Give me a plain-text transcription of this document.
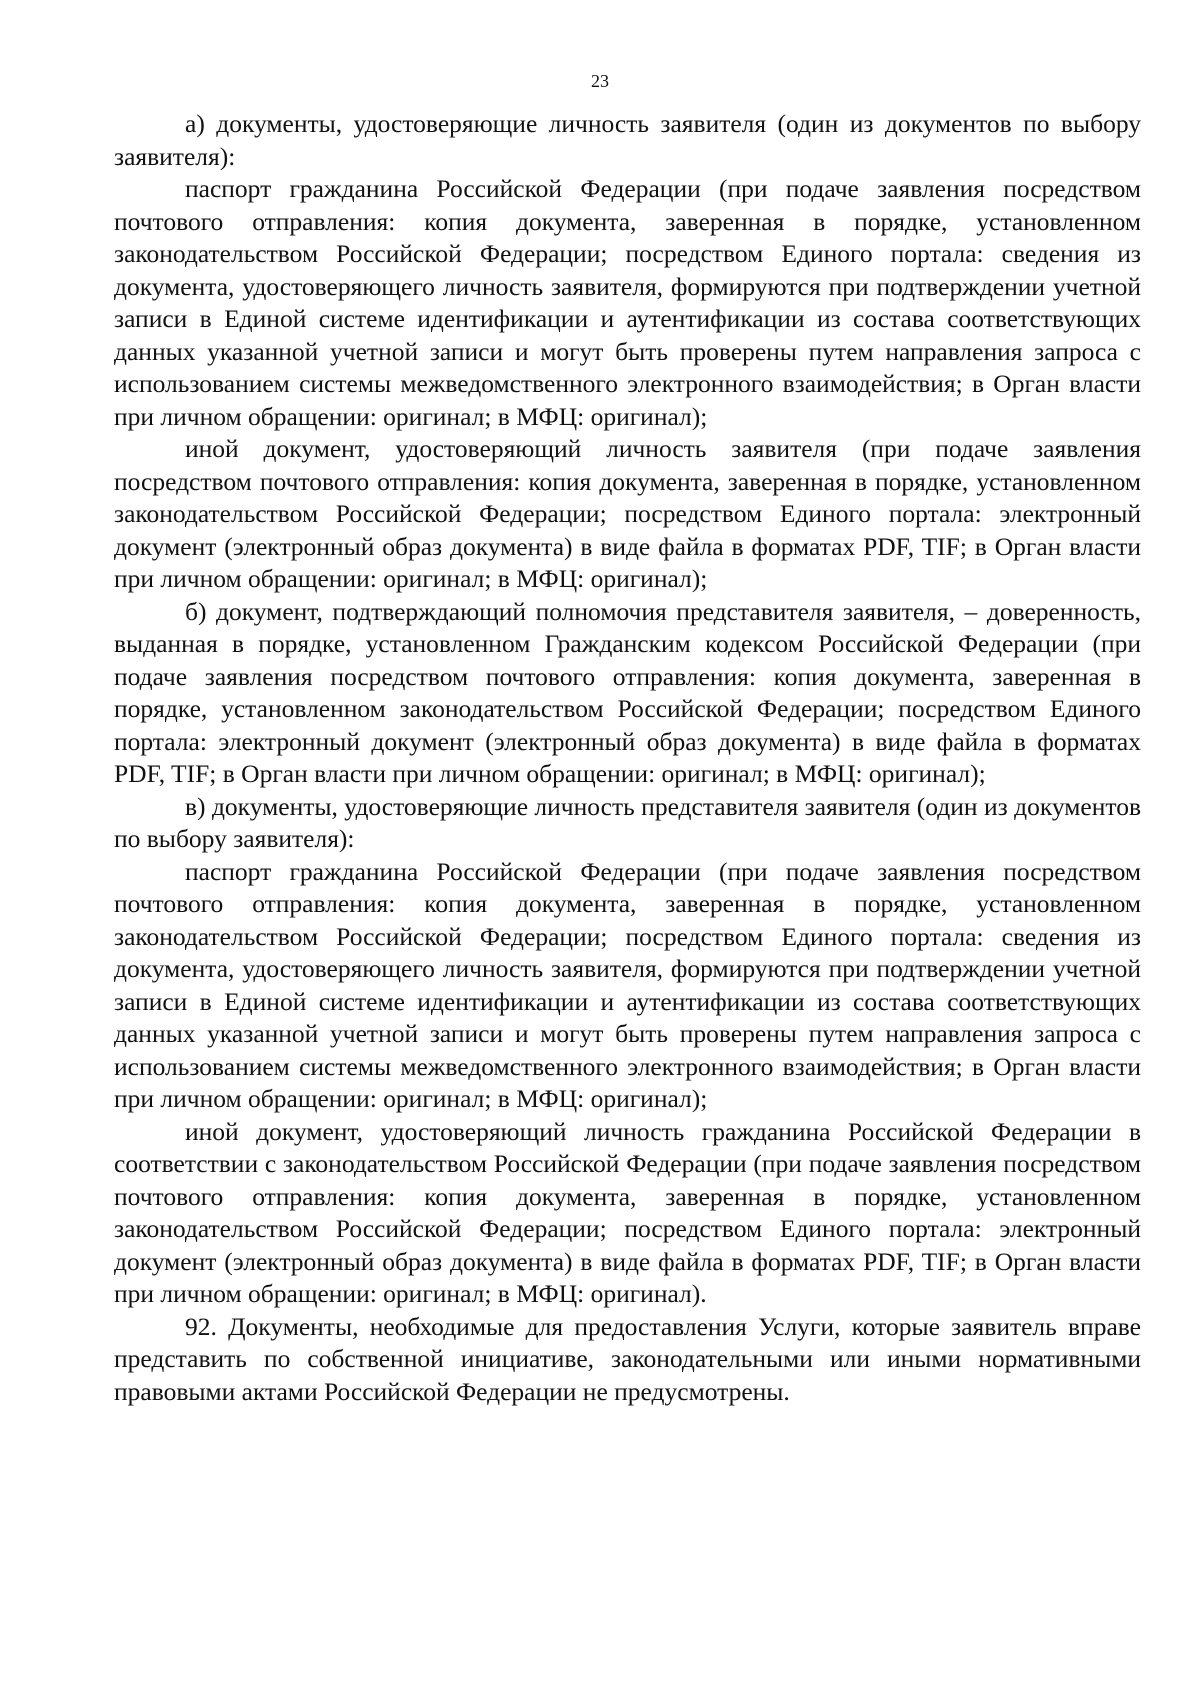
23

а) документы, удостоверяющие личность заявителя (один из документов по выбору заявителя):

паспорт гражданина Российской Федерации (при подаче заявления посредством почтового отправления: копия документа, заверенная в порядке, установленном законодательством Российской Федерации; посредством Единого портала: сведения из документа, удостоверяющего личность заявителя, формируются при подтверждении учетной записи в Единой системе идентификации и аутентификации из состава соответствующих данных указанной учетной записи и могут быть проверены путем направления запроса с использованием системы межведомственного электронного взаимодействия; в Орган власти при личном обращении: оригинал; в МФЦ: оригинал);

иной документ, удостоверяющий личность заявителя (при подаче заявления посредством почтового отправления: копия документа, заверенная в порядке, установленном законодательством Российской Федерации; посредством Единого портала: электронный документ (электронный образ документа) в виде файла в форматах PDF, TIF; в Орган власти при личном обращении: оригинал; в МФЦ: оригинал);

б) документ, подтверждающий полномочия представителя заявителя, – доверенность, выданная в порядке, установленном Гражданским кодексом Российской Федерации (при подаче заявления посредством почтового отправления: копия документа, заверенная в порядке, установленном законодательством Российской Федерации; посредством Единого портала: электронный документ (электронный образ документа) в виде файла в форматах PDF, TIF; в Орган власти при личном обращении: оригинал; в МФЦ: оригинал);

в) документы, удостоверяющие личность представителя заявителя (один из документов по выбору заявителя):

паспорт гражданина Российской Федерации (при подаче заявления посредством почтового отправления: копия документа, заверенная в порядке, установленном законодательством Российской Федерации; посредством Единого портала: сведения из документа, удостоверяющего личность заявителя, формируются при подтверждении учетной записи в Единой системе идентификации и аутентификации из состава соответствующих данных указанной учетной записи и могут быть проверены путем направления запроса с использованием системы межведомственного электронного взаимодействия; в Орган власти при личном обращении: оригинал; в МФЦ: оригинал);

иной документ, удостоверяющий личность гражданина Российской Федерации в соответствии с законодательством Российской Федерации (при подаче заявления посредством почтового отправления: копия документа, заверенная в порядке, установленном законодательством Российской Федерации; посредством Единого портала: электронный документ (электронный образ документа) в виде файла в форматах PDF, TIF; в Орган власти при личном обращении: оригинал; в МФЦ: оригинал).

92. Документы, необходимые для предоставления Услуги, которые заявитель вправе представить по собственной инициативе, законодательными или иными нормативными правовыми актами Российской Федерации не предусмотрены.
